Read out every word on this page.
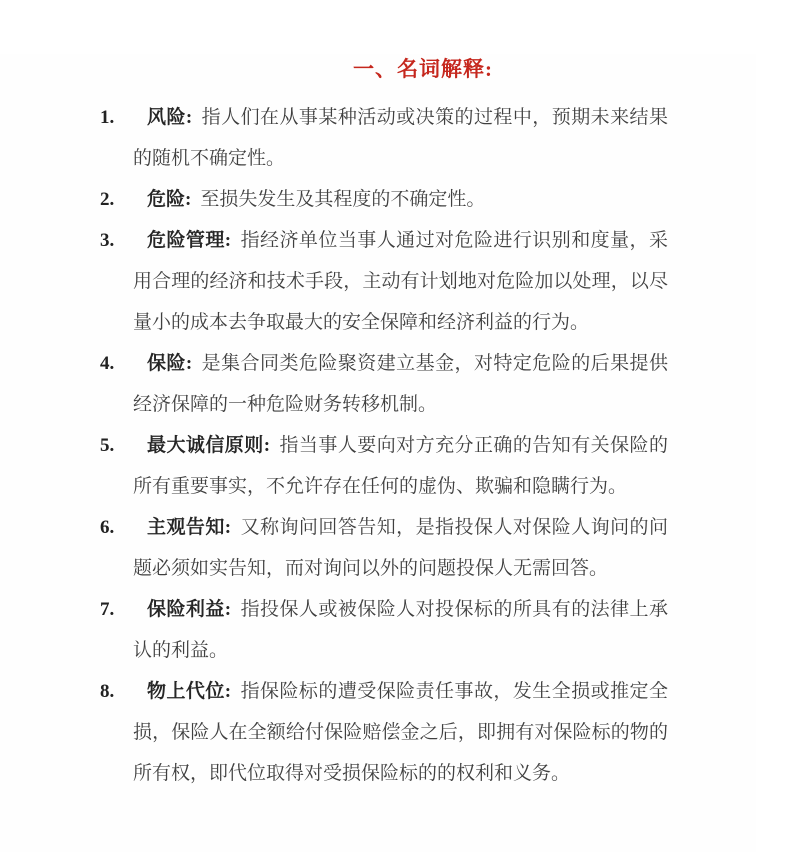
一、名词解释:
1. 风险: 指人们在从事某种活动或决策的过程中，预期未来结果
的随机不确定性。
2. 危险: 至损失发生及其程度的不确定性。
3. 危险管理: 指经济单位当事人通过对危险进行识别和度量，采
用合理的经济和技术手段，主动有计划地对危险加以处理，以尽
量小的成本去争取最大的安全保障和经济利益的行为。
4. 保险: 是集合同类危险聚资建立基金，对特定危险的后果提供
经济保障的一种危险财务转移机制。
5. 最大诚信原则: 指当事人要向对方充分正确的告知有关保险的
所有重要事实，不允许存在任何的虚伪、欺骗和隐瞒行为。
6. 主观告知: 又称询问回答告知，是指投保人对保险人询问的问
题必须如实告知，而对询问以外的问题投保人无需回答。
7. 保险利益: 指投保人或被保险人对投保标的所具有的法律上承
认的利益。
8. 物上代位: 指保险标的遭受保险责任事故，发生全损或推定全
损，保险人在全额给付保险赔偿金之后，即拥有对保险标的物的
所有权，即代位取得对受损保险标的的权利和义务。
